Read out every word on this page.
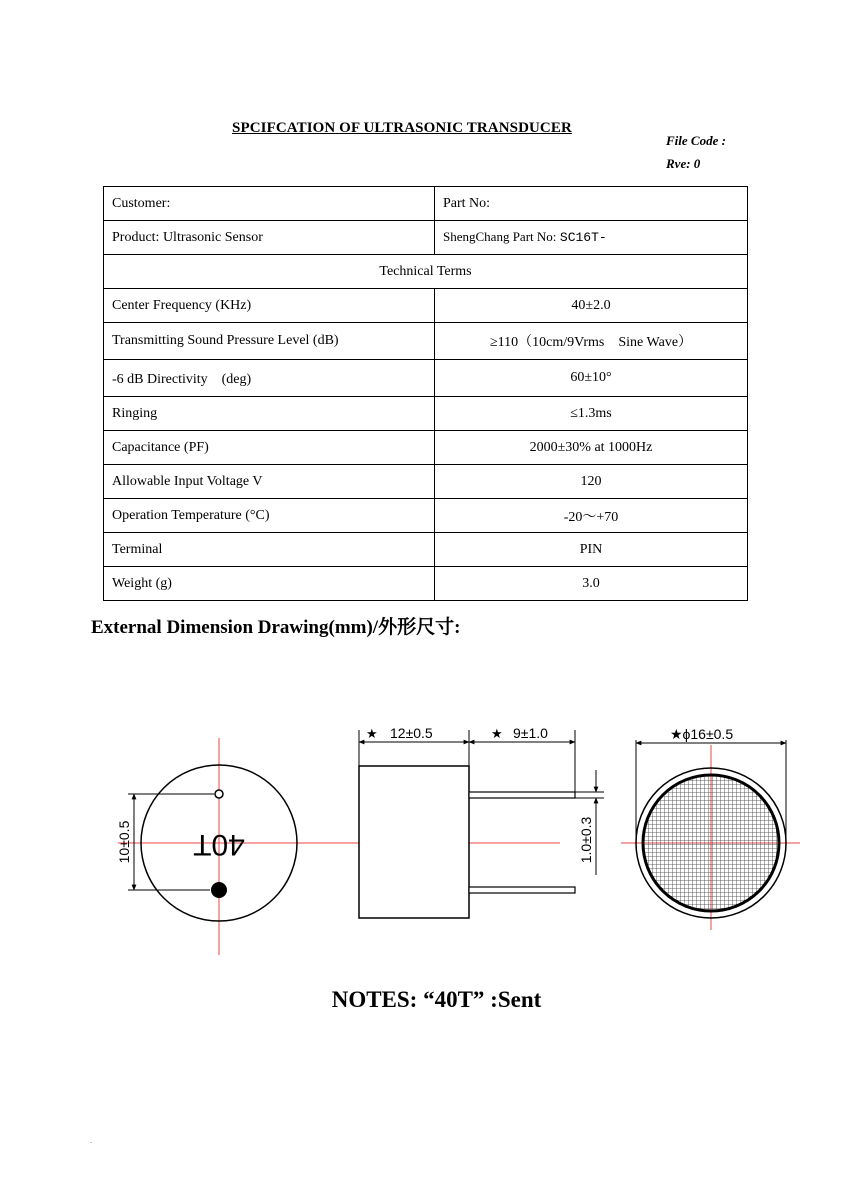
SPCIFCATION OF ULTRASONIC TRANSDUCER
File Code :
Rve: 0
Customer:	Part No:
Product: Ultrasonic Sensor	ShengChang Part No: SC16T-
Technical Terms	
Center Frequency (KHz)	40±2.0
Transmitting Sound Pressure Level (dB)	≥110（10cm/9Vrms　Sine Wave）
-6 dB Directivity　(deg)	60±10°
Ringing	≤1.3ms
Capacitance (PF)	2000±30% at 1000Hz
Allowable Input Voltage V	120
Operation Temperature (°C)	-20～+70
Terminal	PIN
Weight (g)	3.0
External Dimension Drawing(mm)/外形尺寸:
40T
10±0.5
★ 12±0.5	★ 9±1.0
1.0±0.3
★ϕ16±0.5
NOTES: “40T” :Sent
.
